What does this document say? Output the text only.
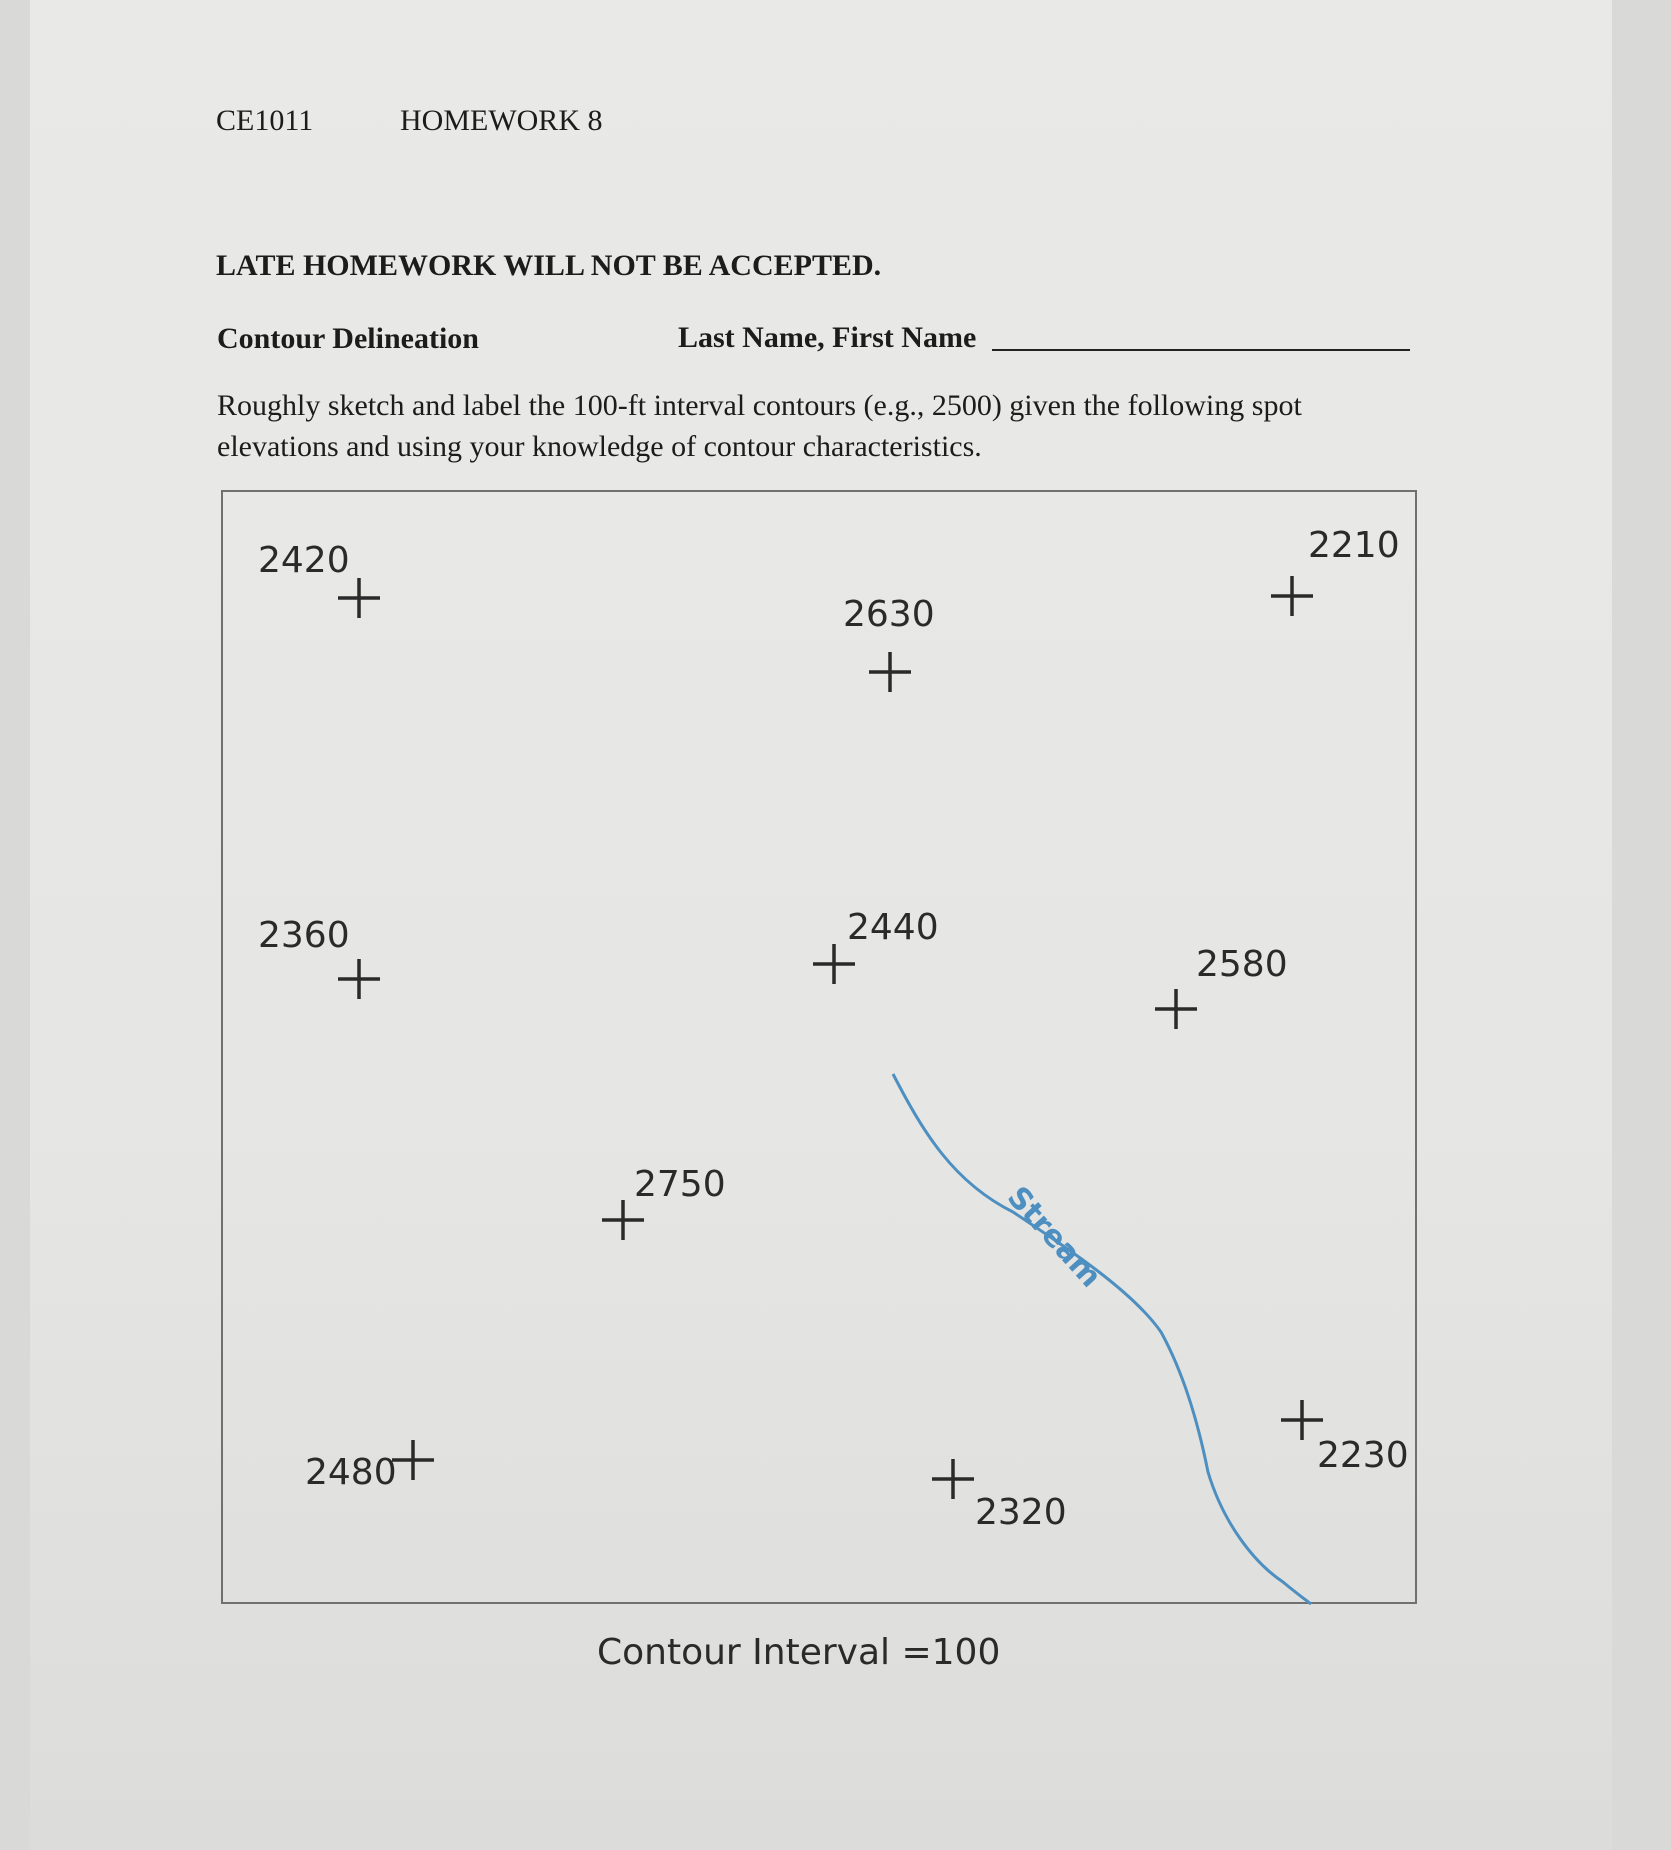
CE1011	HOMEWORK 8
LATE HOMEWORK WILL NOT BE ACCEPTED.
Contour Delineation	Last Name, First Name
Roughly sketch and label the 100-ft interval contours (e.g., 2500) given the following spot elevations and using your knowledge of contour characteristics.
2420
2630
2210
2360	2440
2580
2750
2480
2320
2230
Stream
Contour Interval =100
